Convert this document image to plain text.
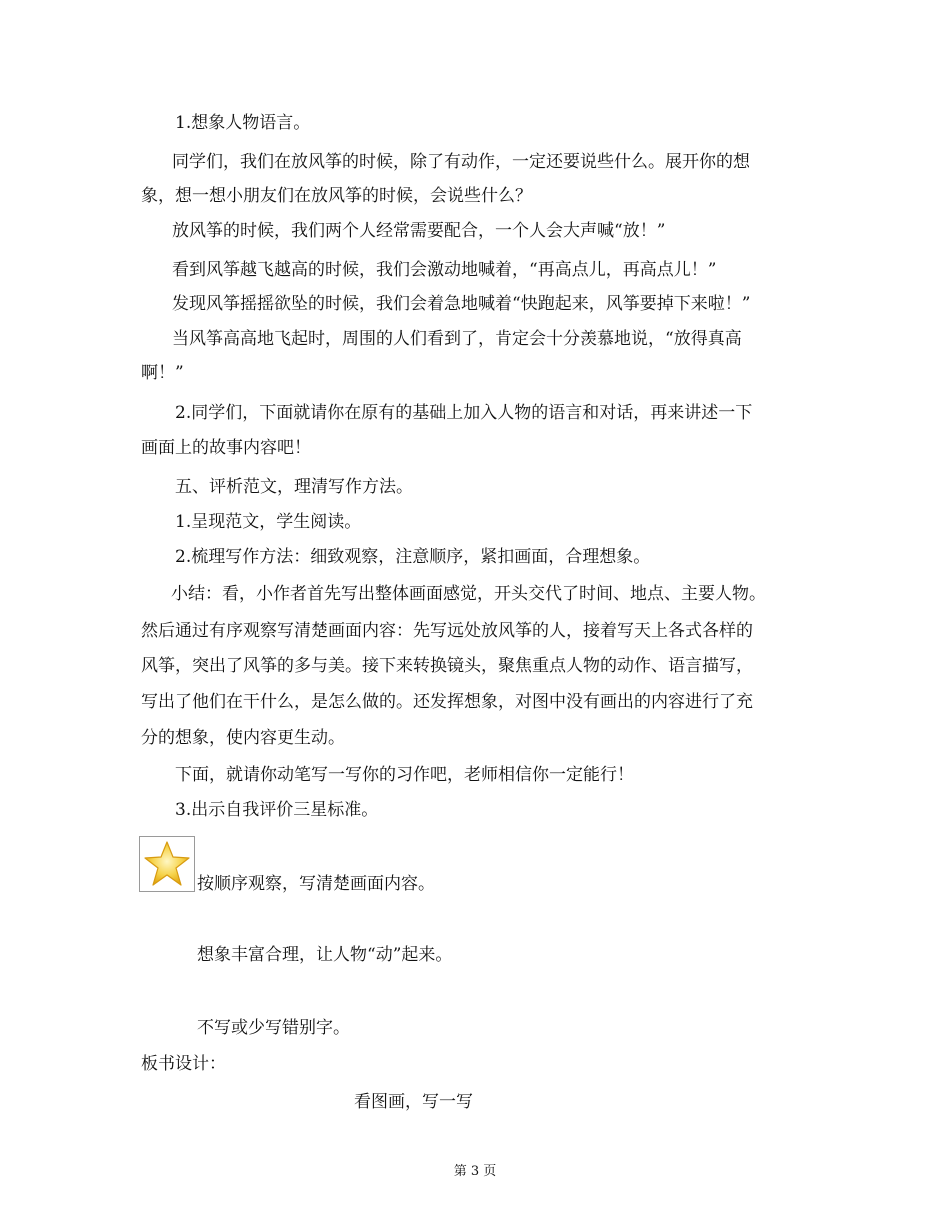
1.想象人物语言。
同学们，我们在放风筝的时候，除了有动作，一定还要说些什么。展开你的想
象，想一想小朋友们在放风筝的时候，会说些什么？
放风筝的时候，我们两个人经常需要配合，一个人会大声喊“放！”
看到风筝越飞越高的时候，我们会激动地喊着，“再高点儿，再高点儿！”
发现风筝摇摇欲坠的时候，我们会着急地喊着“快跑起来，风筝要掉下来啦！”
当风筝高高地飞起时，周围的人们看到了，肯定会十分羡慕地说，“放得真高
啊！”
2.同学们，下面就请你在原有的基础上加入人物的语言和对话，再来讲述一下
画面上的故事内容吧！
五、评析范文，理清写作方法。
1.呈现范文，学生阅读。
2.梳理写作方法：细致观察，注意顺序，紧扣画面，合理想象。
小结：看，小作者首先写出整体画面感觉，开头交代了时间、地点、主要人物。
然后通过有序观察写清楚画面内容：先写远处放风筝的人，接着写天上各式各样的
风筝，突出了风筝的多与美。接下来转换镜头，聚焦重点人物的动作、语言描写，
写出了他们在干什么，是怎么做的。还发挥想象，对图中没有画出的内容进行了充
分的想象，使内容更生动。
下面，就请你动笔写一写你的习作吧，老师相信你一定能行！
3.出示自我评价三星标准。
按顺序观察，写清楚画面内容。
想象丰富合理，让人物“动”起来。
不写或少写错别字。
板书设计：
看图画，写一写
第 3 页
